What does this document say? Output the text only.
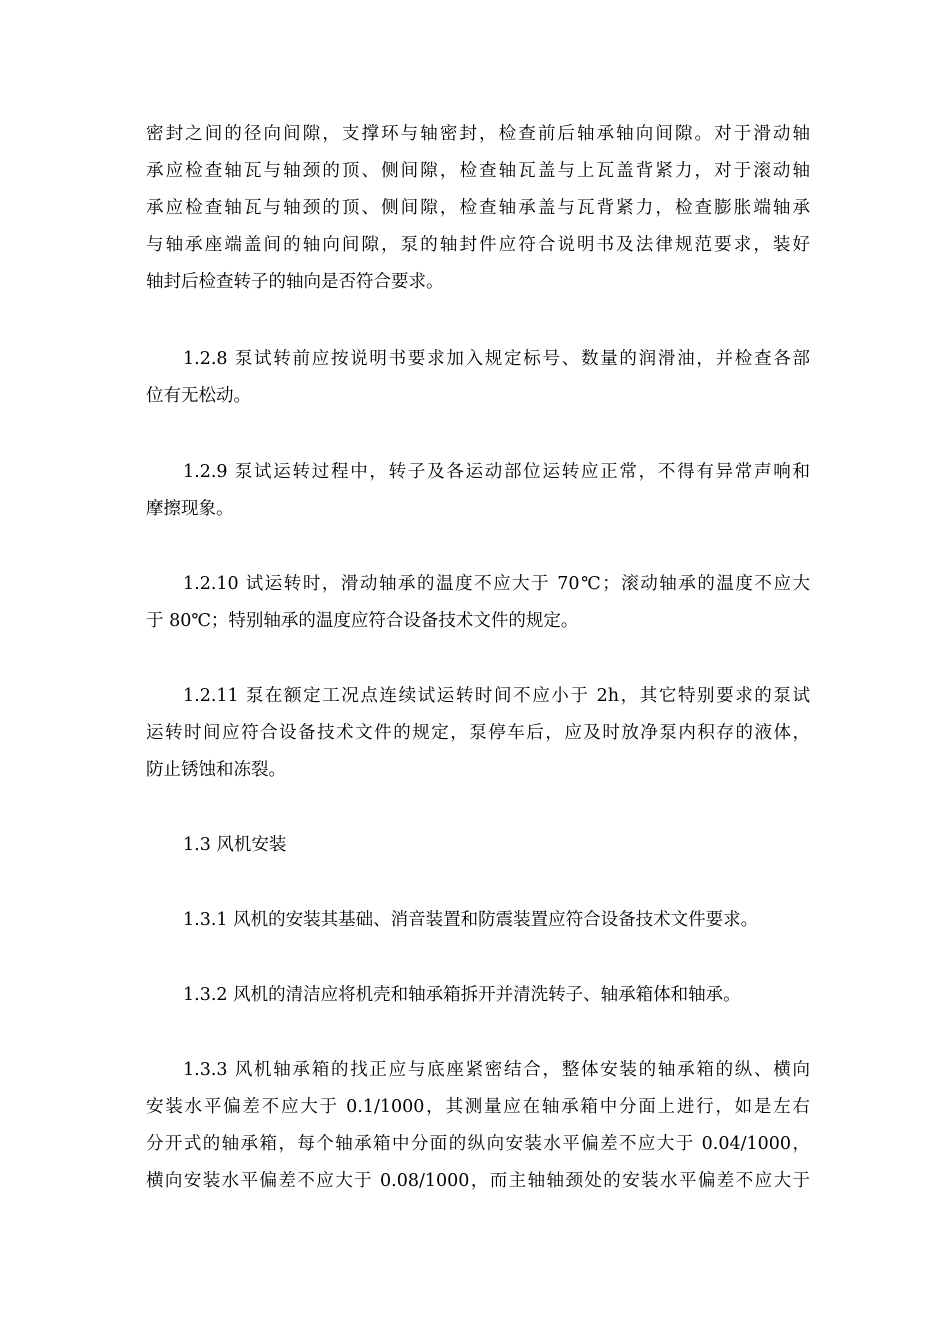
密封之间的径向间隙，支撑环与轴密封，检查前后轴承轴向间隙。对于滑动轴
承应检查轴瓦与轴颈的顶、侧间隙，检查轴瓦盖与上瓦盖背紧力，对于滚动轴
承应检查轴瓦与轴颈的顶、侧间隙，检查轴承盖与瓦背紧力，检查膨胀端轴承
与轴承座端盖间的轴向间隙，泵的轴封件应符合说明书及法律规范要求，装好
轴封后检查转子的轴向是否符合要求。
1.2.8 泵试转前应按说明书要求加入规定标号、数量的润滑油，并检查各部
位有无松动。
1.2.9 泵试运转过程中，转子及各运动部位运转应正常，不得有异常声响和
摩擦现象。
1.2.10 试运转时，滑动轴承的温度不应大于 70℃；滚动轴承的温度不应大
于 80℃；特别轴承的温度应符合设备技术文件的规定。
1.2.11 泵在额定工况点连续试运转时间不应小于 2h，其它特别要求的泵试
运转时间应符合设备技术文件的规定，泵停车后，应及时放净泵内积存的液体，
防止锈蚀和冻裂。
1.3 风机安装
1.3.1 风机的安装其基础、消音装置和防震装置应符合设备技术文件要求。
1.3.2 风机的清洁应将机壳和轴承箱拆开并清洗转子、轴承箱体和轴承。
1.3.3 风机轴承箱的找正应与底座紧密结合，整体安装的轴承箱的纵、横向
安装水平偏差不应大于 0.1/1000，其测量应在轴承箱中分面上进行，如是左右
分开式的轴承箱，每个轴承箱中分面的纵向安装水平偏差不应大于 0.04/1000，
横向安装水平偏差不应大于 0.08/1000，而主轴轴颈处的安装水平偏差不应大于
